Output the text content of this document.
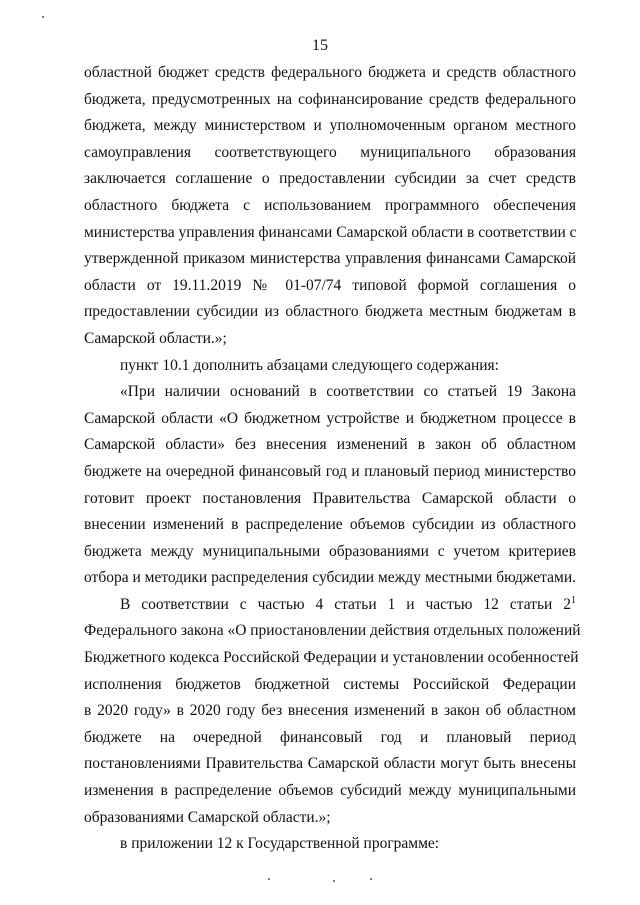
15
областной бюджет средств федерального бюджета и средств областного
бюджета, предусмотренных на софинансирование средств федерального
бюджета, между министерством и уполномоченным органом местного
самоуправления соответствующего муниципального образования
заключается соглашение о предоставлении субсидии за счет средств
областного бюджета с использованием программного обеспечения
министерства управления финансами Самарской области в соответствии с
утвержденной приказом министерства управления финансами Самарской
области от 19.11.2019 № 01-07/74 типовой формой соглашения о
предоставлении субсидии из областного бюджета местным бюджетам в
Самарской области.»;
пункт 10.1 дополнить абзацами следующего содержания:
«При наличии оснований в соответствии со статьей 19 Закона
Самарской области «О бюджетном устройстве и бюджетном процессе в
Самарской области» без внесения изменений в закон об областном
бюджете на очередной финансовый год и плановый период министерство
готовит проект постановления Правительства Самарской области о
внесении изменений в распределение объемов субсидии из областного
бюджета между муниципальными образованиями с учетом критериев
отбора и методики распределения субсидии между местными бюджетами.
В соответствии с частью 4 статьи 1 и частью 12 статьи $2^1$
Федерального закона «О приостановлении действия отдельных положений
Бюджетного кодекса Российской Федерации и установлении особенностей
исполнения бюджетов бюджетной системы Российской Федерации
в 2020 году» в 2020 году без внесения изменений в закон об областном
бюджете на очередной финансовый год и плановый период
постановлениями Правительства Самарской области могут быть внесены
изменения в распределение объемов субсидий между муниципальными
образованиями Самарской области.»;
в приложении 12 к Государственной программе:
